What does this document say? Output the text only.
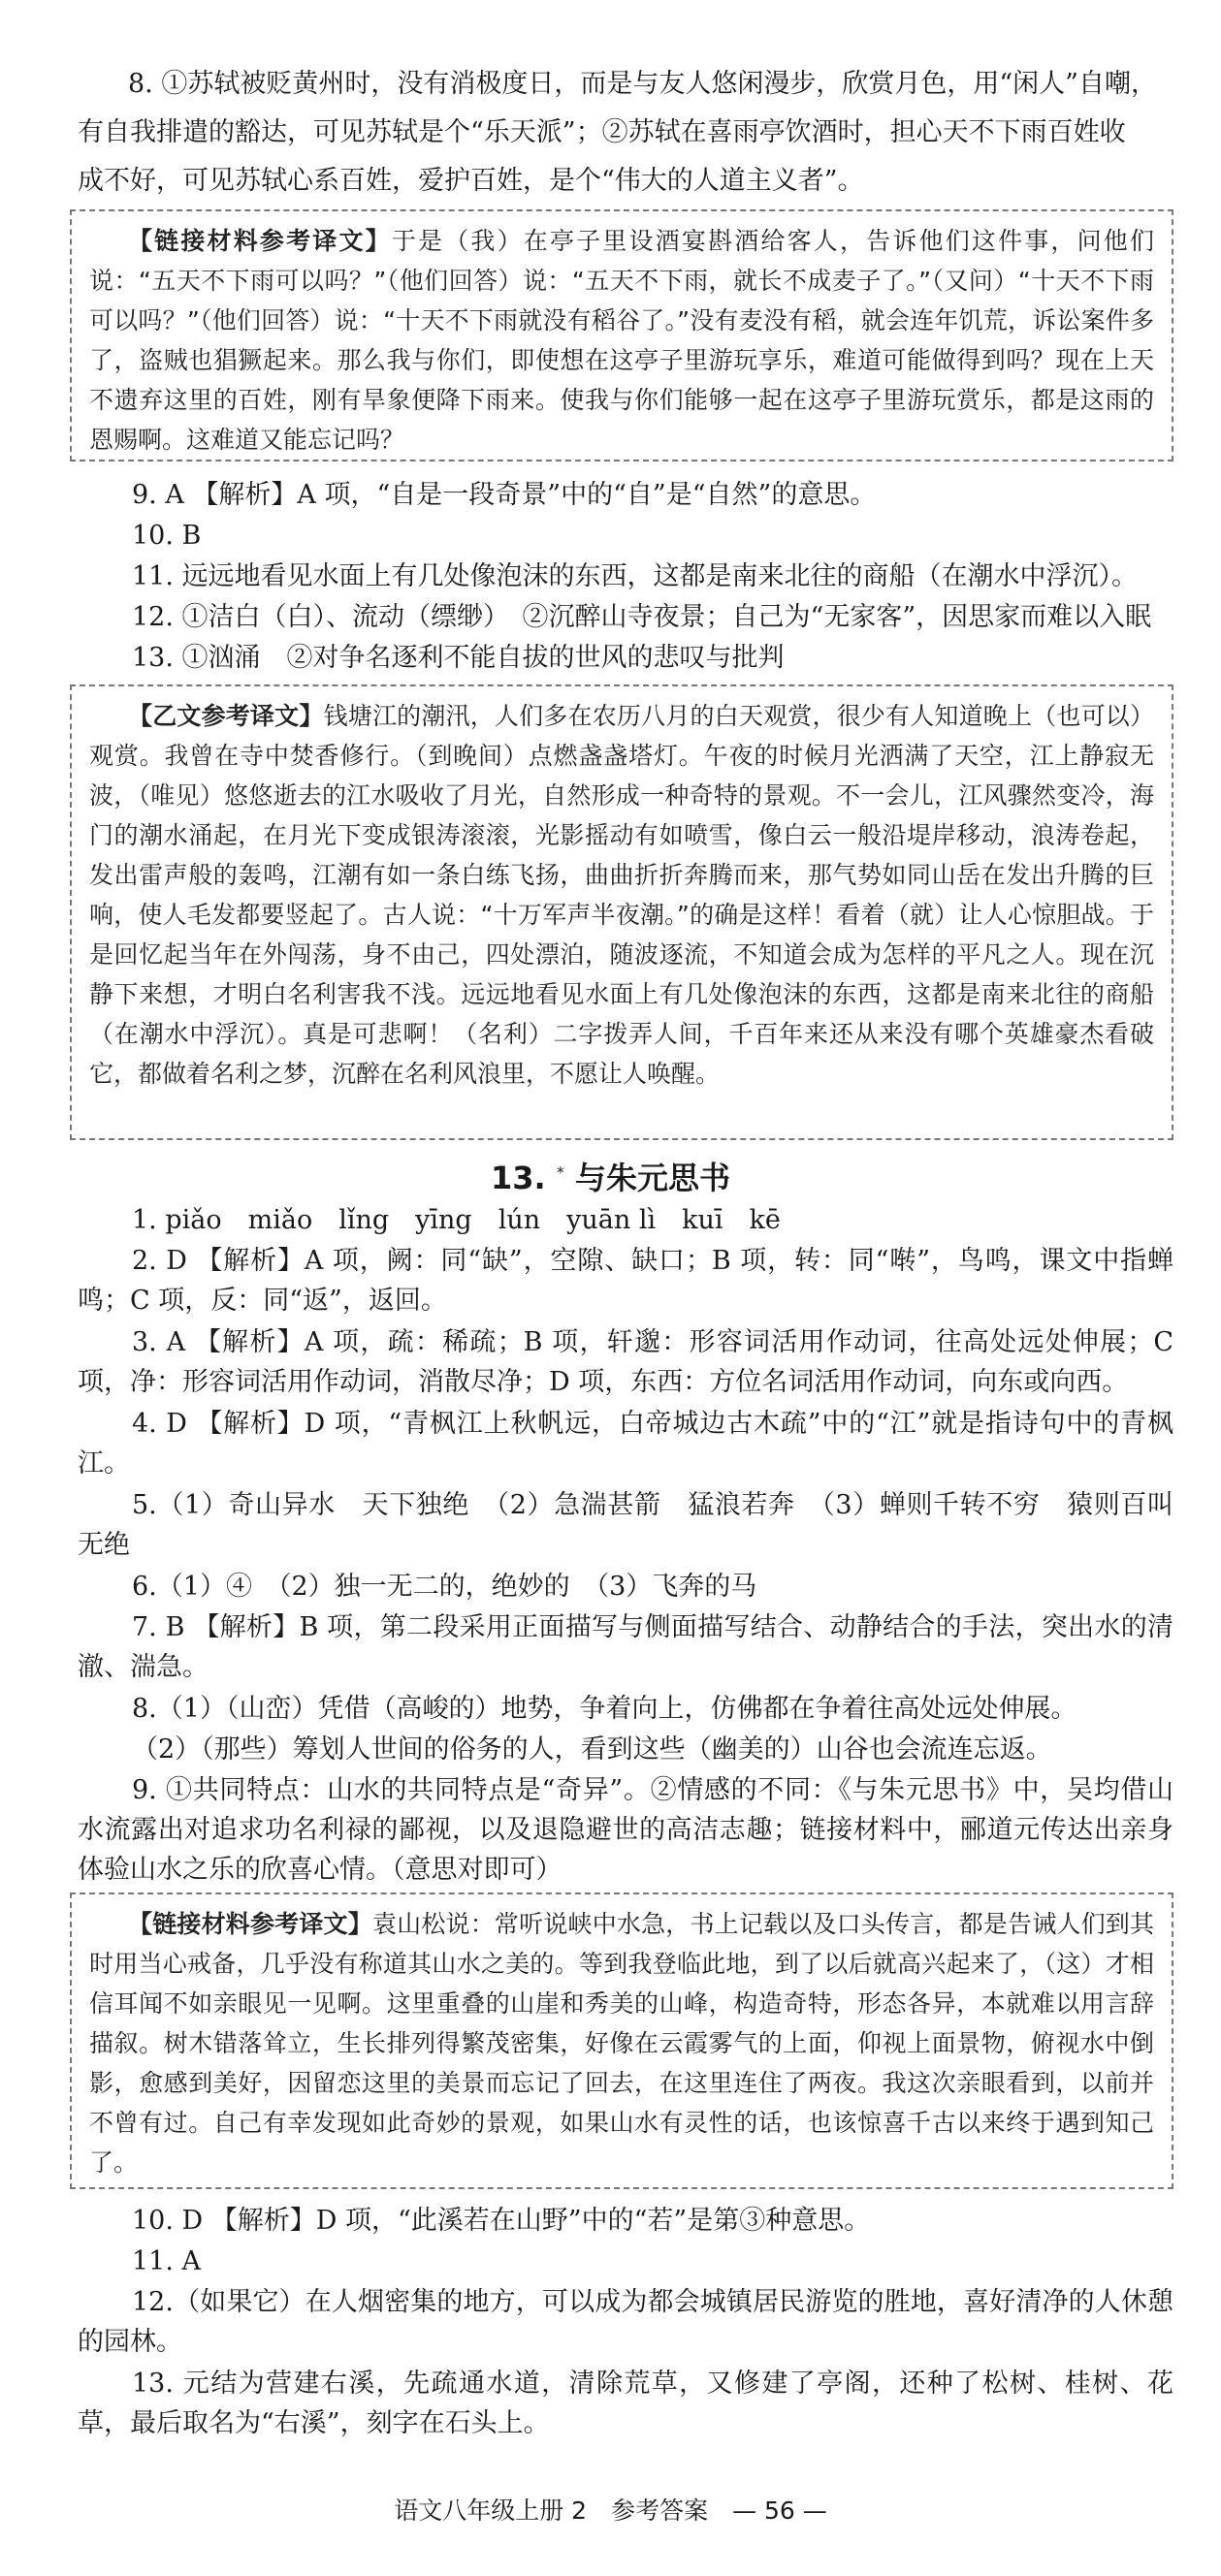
8. ①苏轼被贬黄州时，没有消极度日，而是与友人悠闲漫步，欣赏月色，用“闲人”自嘲，

有自我排遣的豁达，可见苏轼是个“乐天派”；②苏轼在喜雨亭饮酒时，担心天不下雨百姓收

成不好，可见苏轼心系百姓，爱护百姓，是个“伟大的人道主义者”。

【链接材料参考译文】于是（我）在亭子里设酒宴斟酒给客人，告诉他们这件事，问他们说：“五天不下雨可以吗？”（他们回答）说：“五天不下雨，就长不成麦子了。”（又问）“十天不下雨可以吗？”（他们回答）说：“十天不下雨就没有稻谷了。”没有麦没有稻，就会连年饥荒，诉讼案件多了，盗贼也猖獗起来。那么我与你们，即使想在这亭子里游玩享乐，难道可能做得到吗？现在上天不遗弃这里的百姓，刚有旱象便降下雨来。使我与你们能够一起在这亭子里游玩赏乐，都是这雨的恩赐啊。这难道又能忘记吗？

9. A 【解析】A 项，“自是一段奇景”中的“自”是“自然”的意思。

10. B

11. 远远地看见水面上有几处像泡沫的东西，这都是南来北往的商船（在潮水中浮沉）。

12. ①洁白（白）、流动（缥缈）　②沉醉山寺夜景；自己为“无家客”，因思家而难以入眠

13. ①汹涌　②对争名逐利不能自拔的世风的悲叹与批判

【乙文参考译文】钱塘江的潮汛，人们多在农历八月的白天观赏，很少有人知道晚上（也可以）观赏。我曾在寺中焚香修行。（到晚间）点燃盏盏塔灯。午夜的时候月光洒满了天空，江上静寂无波，（唯见）悠悠逝去的江水吸收了月光，自然形成一种奇特的景观。不一会儿，江风骤然变冷，海门的潮水涌起，在月光下变成银涛滚滚，光影摇动有如喷雪，像白云一般沿堤岸移动，浪涛卷起，发出雷声般的轰鸣，江潮有如一条白练飞扬，曲曲折折奔腾而来，那气势如同山岳在发出升腾的巨响，使人毛发都要竖起了。古人说：“十万军声半夜潮。”的确是这样！看着（就）让人心惊胆战。于是回忆起当年在外闯荡，身不由己，四处漂泊，随波逐流，不知道会成为怎样的平凡之人。现在沉静下来想，才明白名利害我不浅。远远地看见水面上有几处像泡沫的东西，这都是南来北往的商船（在潮水中浮沉）。真是可悲啊！（名利）二字拨弄人间，千百年来还从来没有哪个英雄豪杰看破它，都做着名利之梦，沉醉在名利风浪里，不愿让人唤醒。

13. * 与朱元思书

1. piǎo　miǎo　lǐng　yīng　lún　yuān lì　kuī　kē

2. D 【解析】A 项，阙：同“缺”，空隙、缺口；B 项，转：同“啭”，鸟鸣，课文中指蝉鸣；C 项，反：同“返”，返回。

3. A 【解析】A 项，疏：稀疏；B 项，轩邈：形容词活用作动词，往高处远处伸展；C 项，净：形容词活用作动词，消散尽净；D 项，东西：方位名词活用作动词，向东或向西。

4. D 【解析】D 项，“青枫江上秋帆远，白帝城边古木疏”中的“江”就是指诗句中的青枫江。

5.（1）奇山异水　天下独绝　（2）急湍甚箭　猛浪若奔　（3）蝉则千转不穷　猿则百叫无绝

6.（1）④　（2）独一无二的，绝妙的　（3）飞奔的马

7. B 【解析】B 项，第二段采用正面描写与侧面描写结合、动静结合的手法，突出水的清澈、湍急。

8.（1）（山峦）凭借（高峻的）地势，争着向上，仿佛都在争着往高处远处伸展。

（2）（那些）筹划人世间的俗务的人，看到这些（幽美的）山谷也会流连忘返。

9. ①共同特点：山水的共同特点是“奇异”。②情感的不同：《与朱元思书》中，吴均借山水流露出对追求功名利禄的鄙视，以及退隐避世的高洁志趣；链接材料中，郦道元传达出亲身体验山水之乐的欣喜心情。（意思对即可）

【链接材料参考译文】袁山松说：常听说峡中水急，书上记载以及口头传言，都是告诫人们到其时用当心戒备，几乎没有称道其山水之美的。等到我登临此地，到了以后就高兴起来了，（这）才相信耳闻不如亲眼见一见啊。这里重叠的山崖和秀美的山峰，构造奇特，形态各异，本就难以用言辞描叙。树木错落耸立，生长排列得繁茂密集，好像在云霞雾气的上面，仰视上面景物，俯视水中倒影，愈感到美好，因留恋这里的美景而忘记了回去，在这里连住了两夜。我这次亲眼看到，以前并不曾有过。自己有幸发现如此奇妙的景观，如果山水有灵性的话，也该惊喜千古以来终于遇到知己了。

10. D 【解析】D 项，“此溪若在山野”中的“若”是第③种意思。

11. A

12.（如果它）在人烟密集的地方，可以成为都会城镇居民游览的胜地，喜好清净的人休憩的园林。

13. 元结为营建右溪，先疏通水道，清除荒草，又修建了亭阁，还种了松树、桂树、花草，最后取名为“右溪”，刻字在石头上。

语文八年级上册 2　参考答案　— 56 —
